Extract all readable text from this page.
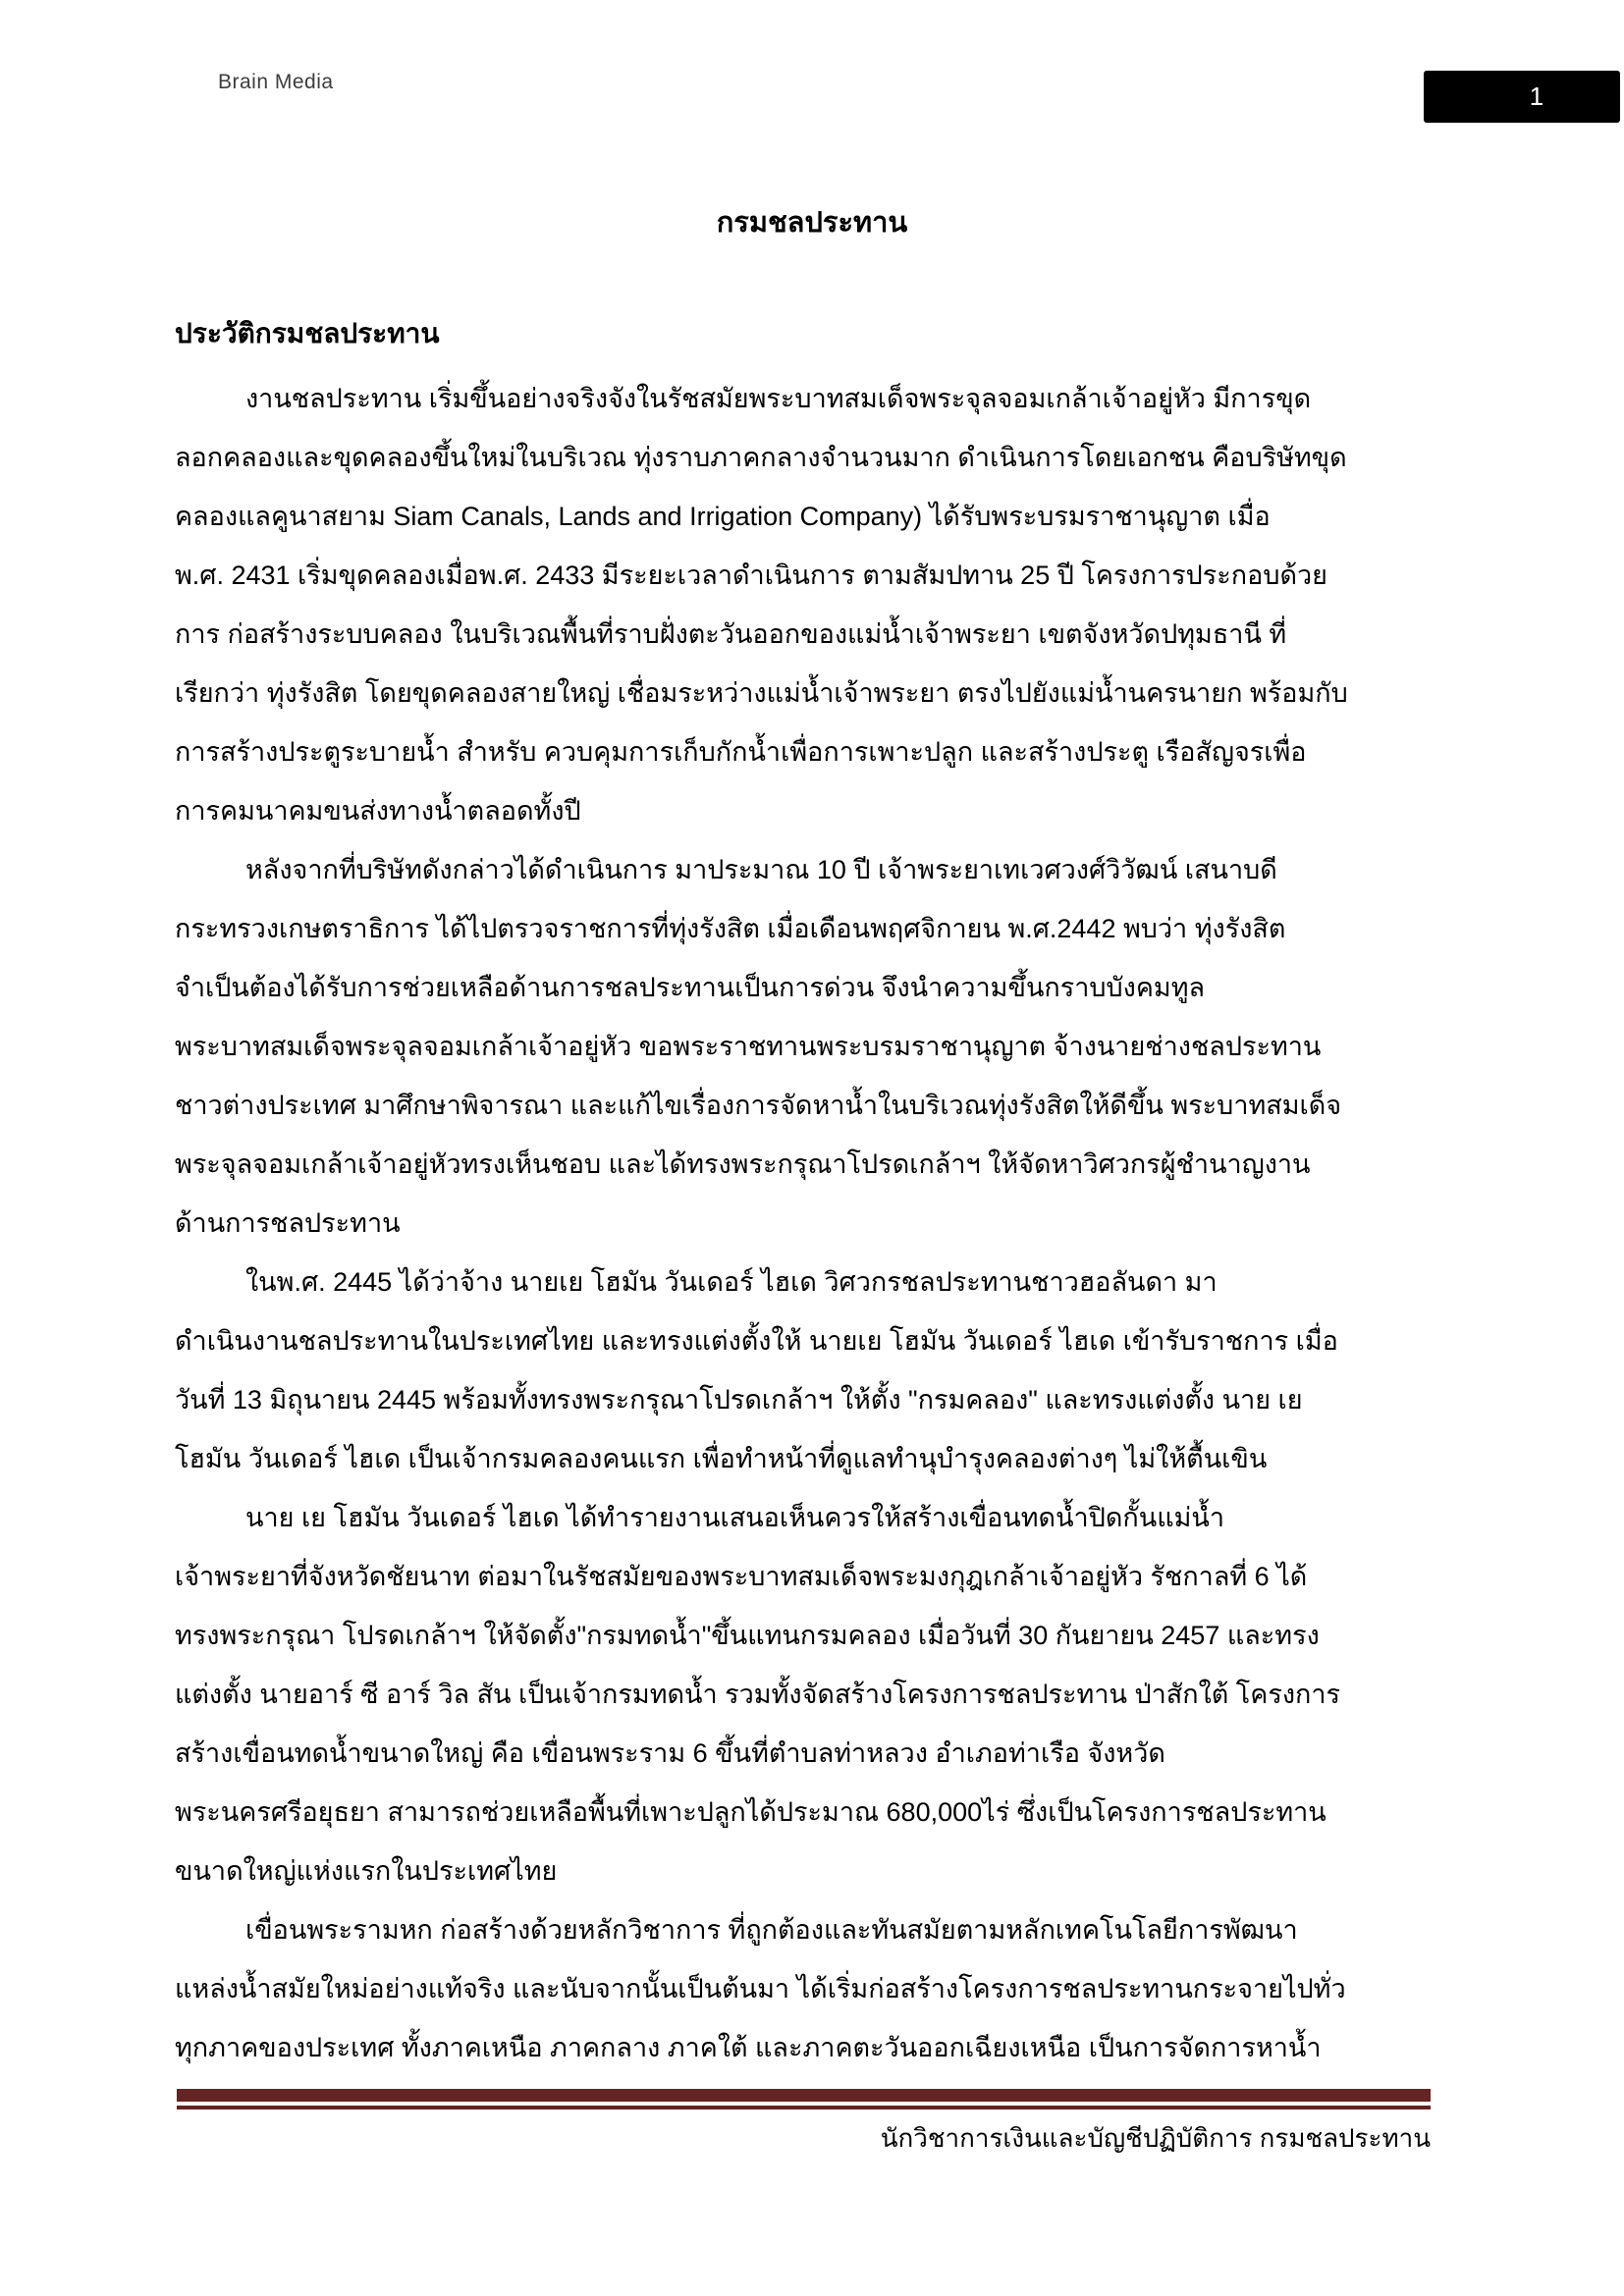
Brain Media	1
กรมชลประทาน
ประวัติกรมชลประทาน
งานชลประทาน เริ่มขึ้นอย่างจริงจังในรัชสมัยพระบาทสมเด็จพระจุลจอมเกล้าเจ้าอยู่หัว มีการขุด
ลอกคลองและขุดคลองขึ้นใหม่ในบริเวณ ทุ่งราบภาคกลางจำนวนมาก ดำเนินการโดยเอกชน คือบริษัทขุด
คลองแลคูนาสยาม Siam Canals, Lands and Irrigation Company) ได้รับพระบรมราชานุญาต เมื่อ
พ.ศ. 2431 เริ่มขุดคลองเมื่อพ.ศ. 2433 มีระยะเวลาดำเนินการ ตามสัมปทาน 25 ปี โครงการประกอบด้วย
การ ก่อสร้างระบบคลอง ในบริเวณพื้นที่ราบฝั่งตะวันออกของแม่น้ำเจ้าพระยา เขตจังหวัดปทุมธานี ที่
เรียกว่า ทุ่งรังสิต โดยขุดคลองสายใหญ่ เชื่อมระหว่างแม่น้ำเจ้าพระยา ตรงไปยังแม่น้ำนครนายก พร้อมกับ
การสร้างประตูระบายน้ำ สำหรับ ควบคุมการเก็บกักน้ำเพื่อการเพาะปลูก และสร้างประตู เรือสัญจรเพื่อ
การคมนาคมขนส่งทางน้ำตลอดทั้งปี
หลังจากที่บริษัทดังกล่าวได้ดำเนินการ มาประมาณ 10 ปี เจ้าพระยาเทเวศวงศ์วิวัฒน์ เสนาบดี
กระทรวงเกษตราธิการ ได้ไปตรวจราชการที่ทุ่งรังสิต เมื่อเดือนพฤศจิกายน พ.ศ.2442 พบว่า ทุ่งรังสิต
จำเป็นต้องได้รับการช่วยเหลือด้านการชลประทานเป็นการด่วน จึงนำความขึ้นกราบบังคมทูล
พระบาทสมเด็จพระจุลจอมเกล้าเจ้าอยู่หัว ขอพระราชทานพระบรมราชานุญาต จ้างนายช่างชลประทาน
ชาวต่างประเทศ มาศึกษาพิจารณา และแก้ไขเรื่องการจัดหาน้ำในบริเวณทุ่งรังสิตให้ดีขึ้น พระบาทสมเด็จ
พระจุลจอมเกล้าเจ้าอยู่หัวทรงเห็นชอบ และได้ทรงพระกรุณาโปรดเกล้าฯ ให้จัดหาวิศวกรผู้ชำนาญงาน
ด้านการชลประทาน
ในพ.ศ. 2445 ได้ว่าจ้าง นายเย โฮมัน วันเดอร์ ไฮเด วิศวกรชลประทานชาวฮอลันดา มา
ดำเนินงานชลประทานในประเทศไทย และทรงแต่งตั้งให้ นายเย โฮมัน วันเดอร์ ไฮเด เข้ารับราชการ เมื่อ
วันที่ 13 มิถุนายน 2445 พร้อมทั้งทรงพระกรุณาโปรดเกล้าฯ ให้ตั้ง "กรมคลอง" และทรงแต่งตั้ง นาย เย
โฮมัน วันเดอร์ ไฮเด เป็นเจ้ากรมคลองคนแรก เพื่อทำหน้าที่ดูแลทำนุบำรุงคลองต่างๆ ไม่ให้ตื้นเขิน
นาย เย โฮมัน วันเดอร์ ไฮเด ได้ทำรายงานเสนอเห็นควรให้สร้างเขื่อนทดน้ำปิดกั้นแม่น้ำ
เจ้าพระยาที่จังหวัดชัยนาท ต่อมาในรัชสมัยของพระบาทสมเด็จพระมงกุฎเกล้าเจ้าอยู่หัว รัชกาลที่ 6 ได้
ทรงพระกรุณา โปรดเกล้าฯ ให้จัดตั้ง"กรมทดน้ำ"ขึ้นแทนกรมคลอง เมื่อวันที่ 30 กันยายน 2457 และทรง
แต่งตั้ง นายอาร์ ซี อาร์ วิล สัน เป็นเจ้ากรมทดน้ำ รวมทั้งจัดสร้างโครงการชลประทาน ป่าสักใต้ โครงการ
สร้างเขื่อนทดน้ำขนาดใหญ่ คือ เขื่อนพระราม 6 ขึ้นที่ตำบลท่าหลวง อำเภอท่าเรือ จังหวัด
พระนครศรีอยุธยา สามารถช่วยเหลือพื้นที่เพาะปลูกได้ประมาณ 680,000ไร่ ซึ่งเป็นโครงการชลประทาน
ขนาดใหญ่แห่งแรกในประเทศไทย
เขื่อนพระรามหก ก่อสร้างด้วยหลักวิชาการ ที่ถูกต้องและทันสมัยตามหลักเทคโนโลยีการพัฒนา
แหล่งน้ำสมัยใหม่อย่างแท้จริง และนับจากนั้นเป็นต้นมา ได้เริ่มก่อสร้างโครงการชลประทานกระจายไปทั่ว
ทุกภาคของประเทศ ทั้งภาคเหนือ ภาคกลาง ภาคใต้ และภาคตะวันออกเฉียงเหนือ เป็นการจัดการหาน้ำ
นักวิชาการเงินและบัญชีปฏิบัติการ กรมชลประทาน
